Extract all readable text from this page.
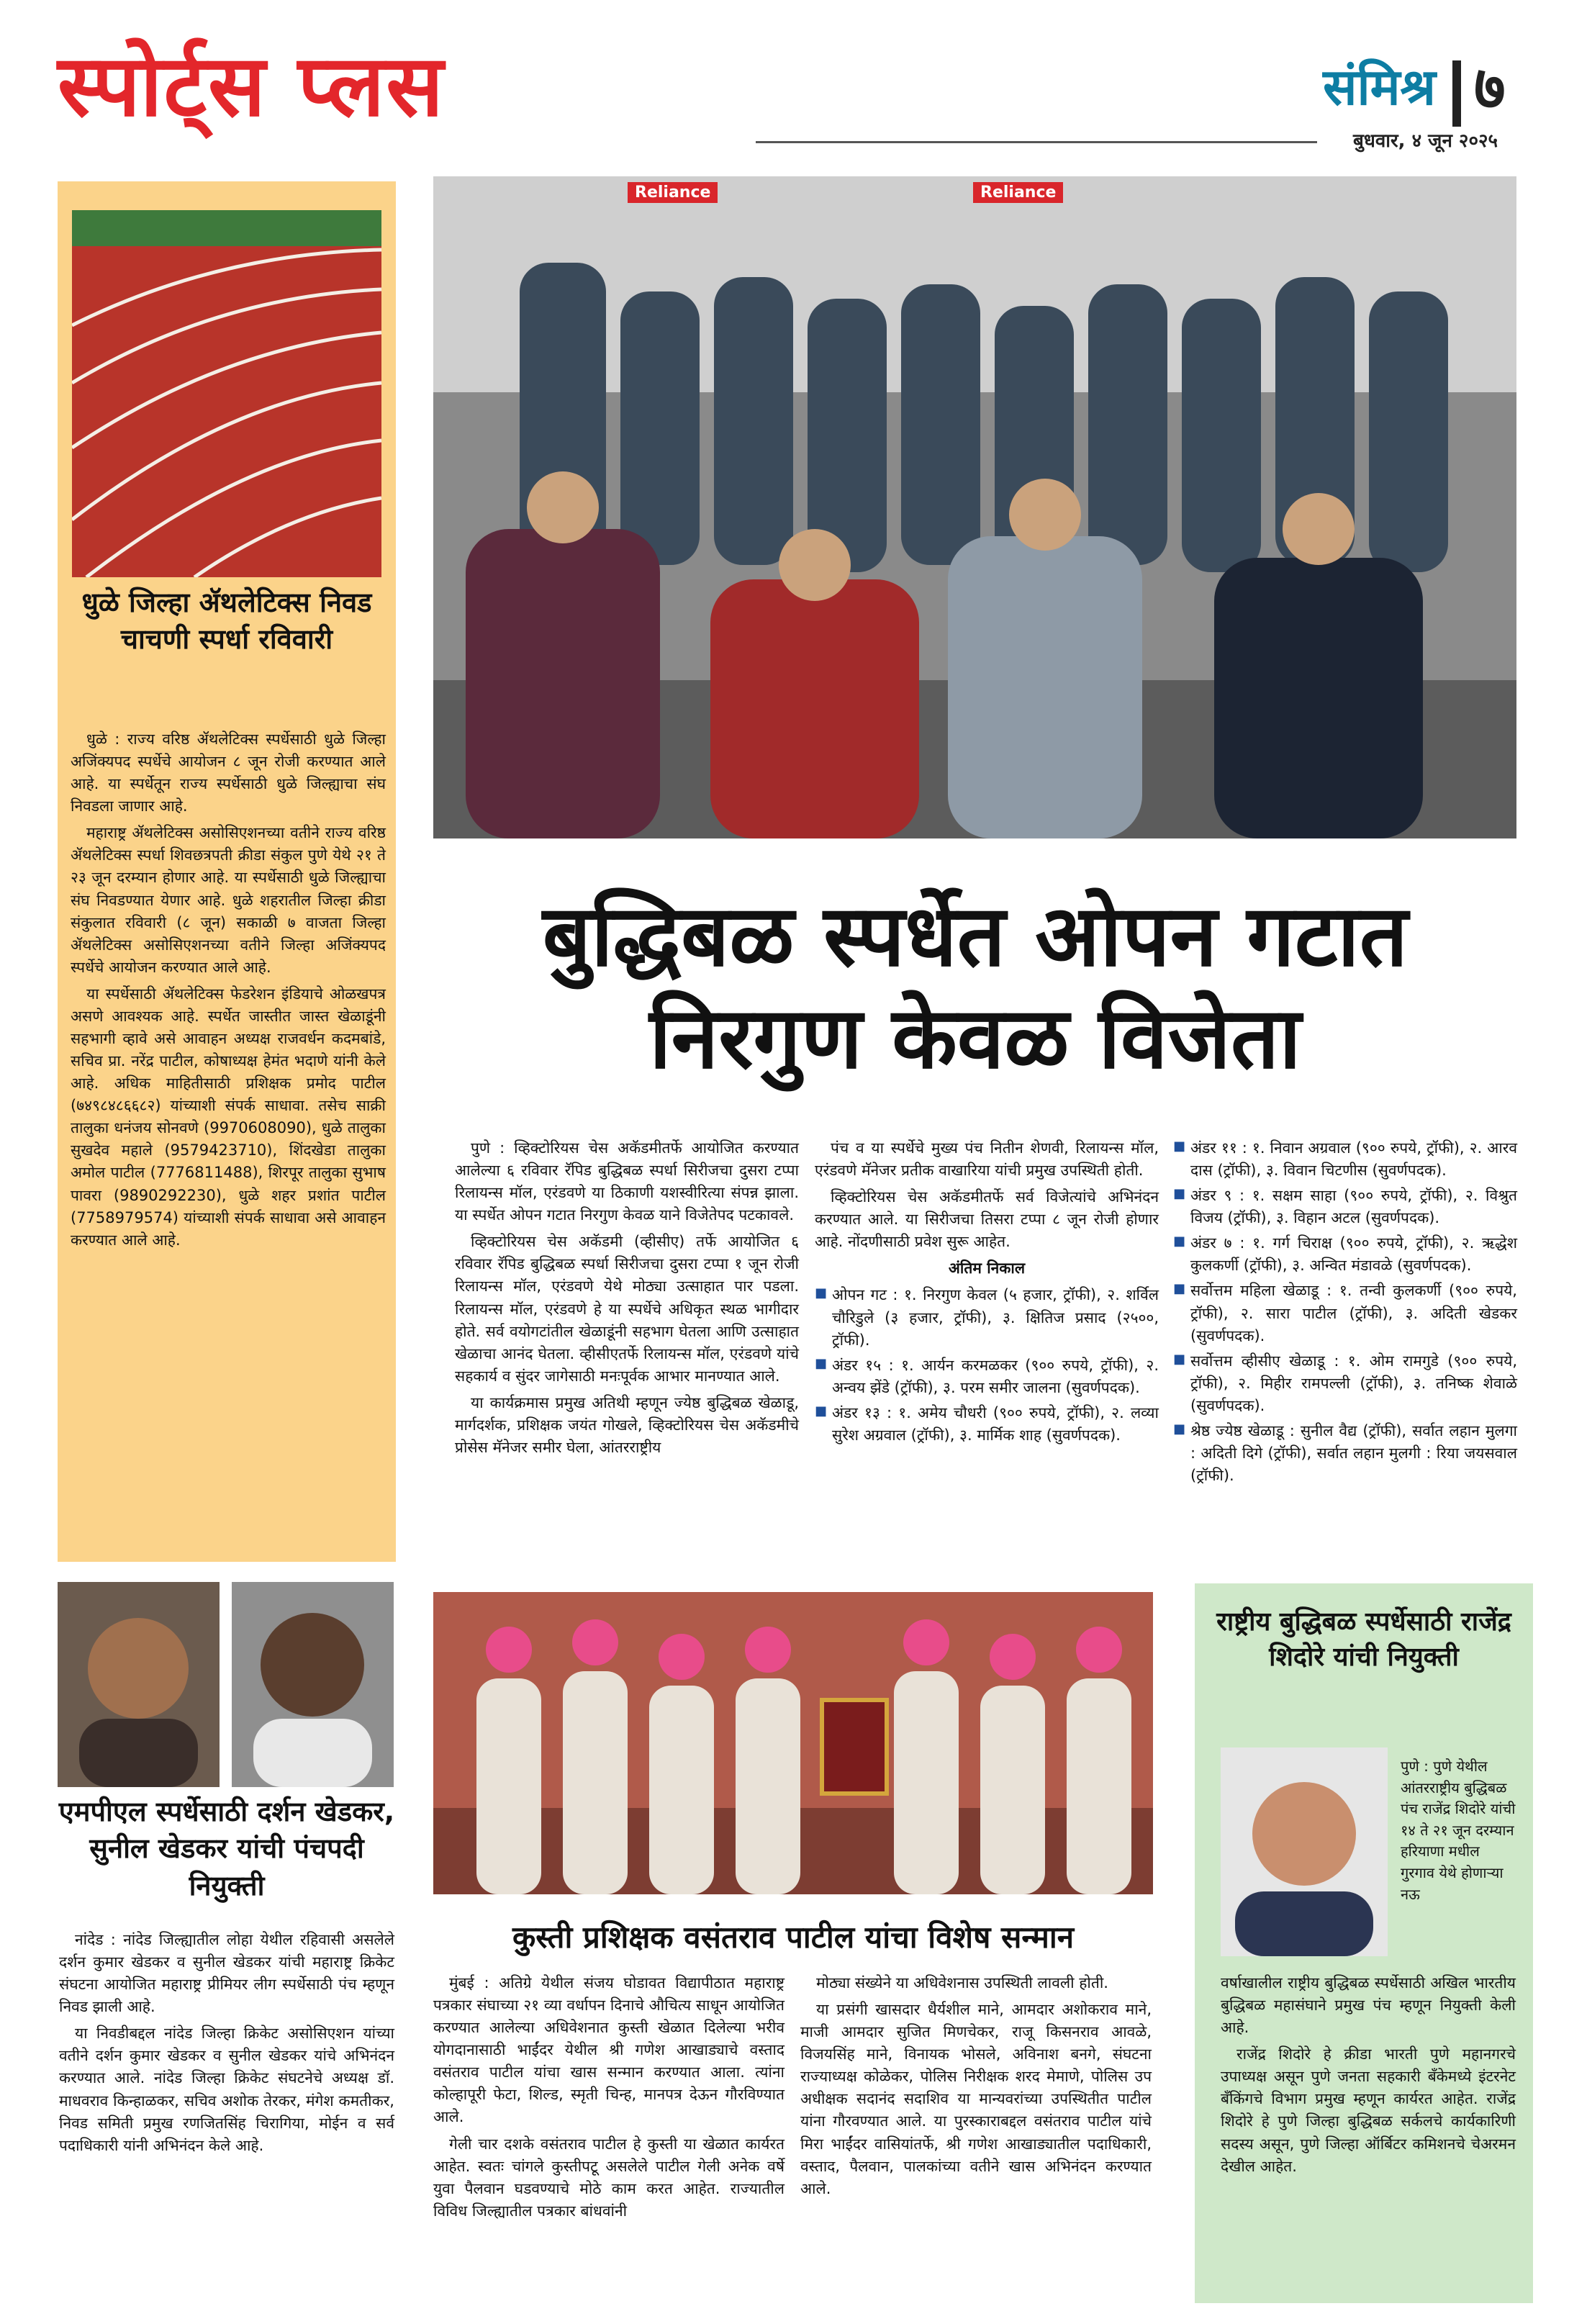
स्पोर्ट्स प्लस	संमिश्र ७
बुधवार, ४ जून २०२५
धुळे जिल्हा ॲथलेटिक्स निवड चाचणी स्पर्धा रविवारी

धुळे : राज्य वरिष्ठ ॲथलेटिक्स स्पर्धेसाठी धुळे जिल्हा अजिंक्यपद स्पर्धेचे आयोजन ८ जून रोजी करण्यात आले आहे. या स्पर्धेतून राज्य स्पर्धेसाठी धुळे जिल्ह्याचा संघ निवडला जाणार आहे.

महाराष्ट्र ॲथलेटिक्स असोसिएशनच्या वतीने राज्य वरिष्ठ ॲथलेटिक्स स्पर्धा शिवछत्रपती क्रीडा संकुल पुणे येथे २१ ते २३ जून दरम्यान होणार आहे. या स्पर्धेसाठी धुळे जिल्ह्याचा संघ निवडण्यात येणार आहे. धुळे शहरातील जिल्हा क्रीडा संकुलात रविवारी (८ जून) सकाळी ७ वाजता जिल्हा ॲथलेटिक्स असोसिएशनच्या वतीने जिल्हा अजिंक्यपद स्पर्धेचे आयोजन करण्यात आले आहे.

या स्पर्धेसाठी ॲथलेटिक्स फेडरेशन इंडियाचे ओळखपत्र असणे आवश्यक आहे. स्पर्धेत जास्तीत जास्त खेळाडूंनी सहभागी व्हावे असे आवाहन अध्यक्ष राजवर्धन कदमबांडे, सचिव प्रा. नरेंद्र पाटील, कोषाध्यक्ष हेमंत भदाणे यांनी केले आहे. अधिक माहितीसाठी प्रशिक्षक प्रमोद पाटील (७४९८४८६६८२) यांच्याशी संपर्क साधावा. तसेच साक्री तालुका धनंजय सोनवणे (9970608090), धुळे तालुका सुखदेव महाले (9579423710), शिंदखेडा तालुका अमोल पाटील (7776811488), शिरपूर तालुका सुभाष पावरा (9890292230), धुळे शहर प्रशांत पाटील (7758979574) यांच्याशी संपर्क साधावा असे आवाहन करण्यात आले आहे.

Reliance	Reliance
बुद्धिबळ स्पर्धेत ओपन गटात निरगुण केवळ विजेता

पुणे : व्हिक्टोरियस चेस अकॅडमीतर्फे आयोजित करण्यात आलेल्या ६ रविवार रॅपिड बुद्धिबळ स्पर्धा सिरीजचा दुसरा टप्पा रिलायन्स मॉल, एरंडवणे या ठिकाणी यशस्वीरित्या संपन्न झाला. या स्पर्धेत ओपन गटात निरगुण केवळ याने विजेतेपद पटकावले.

व्हिक्टोरियस चेस अकॅडमी (व्हीसीए) तर्फे आयोजित ६ रविवार रॅपिड बुद्धिबळ स्पर्धा सिरीजचा दुसरा टप्पा १ जून रोजी रिलायन्स मॉल, एरंडवणे येथे मोठ्या उत्साहात पार पडला. रिलायन्स मॉल, एरंडवणे हे या स्पर्धेचे अधिकृत स्थळ भागीदार होते. सर्व वयोगटांतील खेळाडूंनी सहभाग घेतला आणि उत्साहात खेळाचा आनंद घेतला. व्हीसीएतर्फे रिलायन्स मॉल, एरंडवणे यांचे सहकार्य व सुंदर जागेसाठी मनःपूर्वक आभार मानण्यात आले.

या कार्यक्रमास प्रमुख अतिथी म्हणून ज्येष्ठ बुद्धिबळ खेळाडू, मार्गदर्शक, प्रशिक्षक जयंत गोखले, व्हिक्टोरियस चेस अकॅडमीचे प्रोसेस मॅनेजर समीर घेला, आंतरराष्ट्रीय

पंच व या स्पर्धेचे मुख्य पंच नितीन शेणवी, रिलायन्स मॉल, एरंडवणे मॅनेजर प्रतीक वाखारिया यांची प्रमुख उपस्थिती होती.

व्हिक्टोरियस चेस अकॅडमीतर्फे सर्व विजेत्यांचे अभिनंदन करण्यात आले. या सिरीजचा तिसरा टप्पा ८ जून रोजी होणार आहे. नोंदणीसाठी प्रवेश सुरू आहेत.

अंतिम निकाल
■ ओपन गट : १. निरगुण केवल (५ हजार, ट्रॉफी), २. शर्विल चौरिडुले (३ हजार, ट्रॉफी), ३. क्षितिज प्रसाद (२५००, ट्रॉफी).
■ अंडर १५ : १. आर्यन करमळकर (९०० रुपये, ट्रॉफी), २. अन्वय झेंडे (ट्रॉफी), ३. परम समीर जालना (सुवर्णपदक).
■ अंडर १३ : १. अमेय चौधरी (९०० रुपये, ट्रॉफी), २. लव्या सुरेश अग्रवाल (ट्रॉफी), ३. मार्मिक शाह (सुवर्णपदक).
■ अंडर ११ : १. निवान अग्रवाल (९०० रुपये, ट्रॉफी), २. आरव दास (ट्रॉफी), ३. विवान चिटणीस (सुवर्णपदक).
■ अंडर ९ : १. सक्षम साहा (९०० रुपये, ट्रॉफी), २. विश्रुत विजय (ट्रॉफी), ३. विहान अटल (सुवर्णपदक).
■ अंडर ७ : १. गर्ग चिराक्ष (९०० रुपये, ट्रॉफी), २. ऋद्धेश कुलकर्णी (ट्रॉफी), ३. अन्वित मंडावळे (सुवर्णपदक).
■ सर्वोत्तम महिला खेळाडू : १. तन्वी कुलकर्णी (९०० रुपये, ट्रॉफी), २. सारा पाटील (ट्रॉफी), ३. अदिती खेडकर (सुवर्णपदक).
■ सर्वोत्तम व्हीसीए खेळाडू : १. ओम रामगुडे (९०० रुपये, ट्रॉफी), २. मिहीर रामपल्ली (ट्रॉफी), ३. तनिष्क शेवाळे (सुवर्णपदक).
■ श्रेष्ठ ज्येष्ठ खेळाडू : सुनील वैद्य (ट्रॉफी), सर्वात लहान मुलगा : अदिती दिगे (ट्रॉफी), सर्वात लहान मुलगी : रिया जयसवाल (ट्रॉफी).
एमपीएल स्पर्धेसाठी दर्शन खेडकर, सुनील खेडकर यांची पंचपदी नियुक्ती

नांदेड : नांदेड जिल्ह्यातील लोहा येथील रहिवासी असलेले दर्शन कुमार खेडकर व सुनील खेडकर यांची महाराष्ट्र क्रिकेट संघटना आयोजित महाराष्ट्र प्रीमियर लीग स्पर्धेसाठी पंच म्हणून निवड झाली आहे.

या निवडीबद्दल नांदेड जिल्हा क्रिकेट असोसिएशन यांच्या वतीने दर्शन कुमार खेडकर व सुनील खेडकर यांचे अभिनंदन करण्यात आले. नांदेड जिल्हा क्रिकेट संघटनेचे अध्यक्ष डॉ. माधवराव किन्हाळकर, सचिव अशोक तेरकर, मंगेश कमतीकर, निवड समिती प्रमुख रणजितसिंह चिरागिया, मोईन व सर्व पदाधिकारी यांनी अभिनंदन केले आहे.

कुस्ती प्रशिक्षक वसंतराव पाटील यांचा विशेष सन्मान

मुंबई : अतिग्रे येथील संजय घोडावत विद्यापीठात महाराष्ट्र पत्रकार संघाच्या २१ व्या वर्धापन दिनाचे औचित्य साधून आयोजित करण्यात आलेल्या अधिवेशनात कुस्ती खेळात दिलेल्या भरीव योगदानासाठी भाईंदर येथील श्री गणेश आखाड्याचे वस्ताद वसंतराव पाटील यांचा खास सन्मान करण्यात आला. त्यांना कोल्हापूरी फेटा, शिल्ड, स्मृती चिन्ह, मानपत्र देऊन गौरविण्यात आले.

गेली चार दशके वसंतराव पाटील हे कुस्ती या खेळात कार्यरत आहेत. स्वतः चांगले कुस्तीपटू असलेले पाटील गेली अनेक वर्षे युवा पैलवान घडवण्याचे मोठे काम करत आहेत. राज्यातील विविध जिल्ह्यातील पत्रकार बांधवांनी

मोठ्या संख्येने या अधिवेशनास उपस्थिती लावली होती.

या प्रसंगी खासदार धैर्यशील माने, आमदार अशोकराव माने, माजी आमदार सुजित मिणचेकर, राजू किसनराव आवळे, विजयसिंह माने, विनायक भोसले, अविनाश बनगे, संघटना राज्याध्यक्ष कोळेकर, पोलिस निरीक्षक शरद मेमाणे, पोलिस उप अधीक्षक सदानंद सदाशिव या मान्यवरांच्या उपस्थितीत पाटील यांना गौरवण्यात आले. या पुरस्काराबद्दल वसंतराव पाटील यांचे मिरा भाईंदर वासियांतर्फे, श्री गणेश आखाड्यातील पदाधिकारी, वस्ताद, पैलवान, पालकांच्या वतीने खास अभिनंदन करण्यात आले.

राष्ट्रीय बुद्धिबळ स्पर्धेसाठी राजेंद्र शिदोरे यांची नियुक्ती
पुणे : पुणे येथील आंतरराष्ट्रीय बुद्धिबळ पंच राजेंद्र शिदोरे यांची १४ ते २१ जून दरम्यान हरियाणा मधील गुरगाव येथे होणाऱ्या नऊ

वर्षाखालील राष्ट्रीय बुद्धिबळ स्पर्धेसाठी अखिल भारतीय बुद्धिबळ महासंघाने प्रमुख पंच म्हणून नियुक्ती केली आहे.

राजेंद्र शिदोरे हे क्रीडा भारती पुणे महानगरचे उपाध्यक्ष असून पुणे जनता सहकारी बँकेमध्ये इंटरनेट बँकिंगचे विभाग प्रमुख म्हणून कार्यरत आहेत. राजेंद्र शिदोरे हे पुणे जिल्हा बुद्धिबळ सर्कलचे कार्यकारिणी सदस्य असून, पुणे जिल्हा ऑर्बिटर कमिशनचे चेअरमन देखील आहेत.
